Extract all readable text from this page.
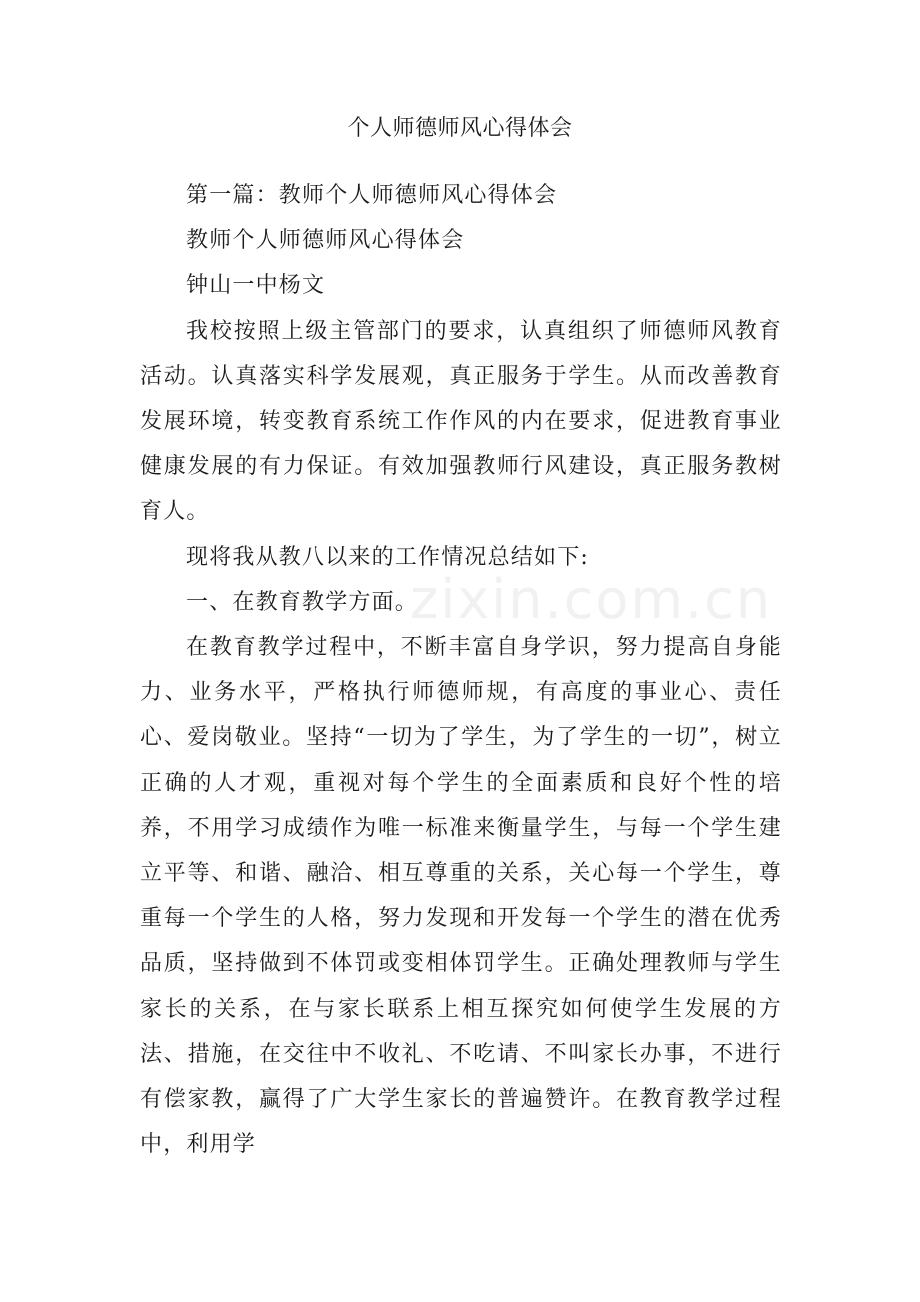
zixin.com.cn
个人师德师风心得体会

第一篇：教师个人师德师风心得体会

教师个人师德师风心得体会

钟山一中杨文

我校按照上级主管部门的要求，认真组织了师德师风教育活动。认真落实科学发展观，真正服务于学生。从而改善教育发展环境，转变教育系统工作作风的内在要求，促进教育事业健康发展的有力保证。有效加强教师行风建设，真正服务教树育人。

现将我从教八以来的工作情况总结如下:

一、在教育教学方面。

在教育教学过程中，不断丰富自身学识，努力提高自身能力、业务水平，严格执行师德师规，有高度的事业心、责任心、爱岗敬业。坚持“一切为了学生，为了学生的一切”，树立正确的人才观，重视对每个学生的全面素质和良好个性的培养，不用学习成绩作为唯一标准来衡量学生，与每一个学生建立平等、和谐、融洽、相互尊重的关系，关心每一个学生，尊重每一个学生的人格，努力发现和开发每一个学生的潜在优秀品质，坚持做到不体罚或变相体罚学生。正确处理教师与学生家长的关系，在与家长联系上相互探究如何使学生发展的方法、措施，在交往中不收礼、不吃请、不叫家长办事，不进行有偿家教，赢得了广大学生家长的普遍赞许。在教育教学过程中，利用学
